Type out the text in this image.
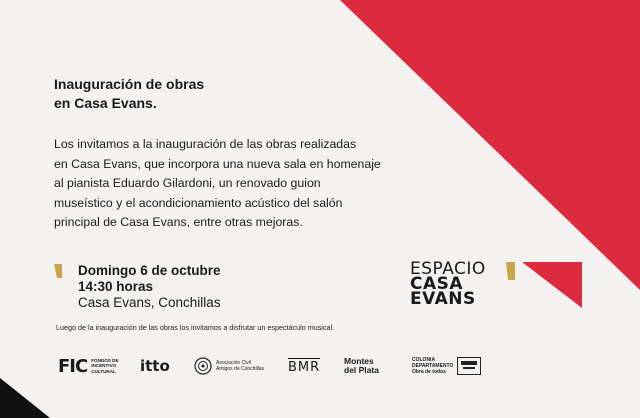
Inauguración de obras
en Casa Evans.
Los invitamos a la inauguración de las obras realizadas
en Casa Evans, que incorpora una nueva sala en homenaje
al pianista Eduardo Gilardoni, un renovado guion
museístico y el acondicionamiento acústico del salón
principal de Casa Evans, entre otras mejoras.
Domingo 6 de octubre
14:30 horas
Casa Evans, Conchillas
Luego de la inauguración de las obras los invitamos a disfrutar un espectáculo musical.
ESPACIO
CASA
EVANS
FIC FONDOS DE
INCENTIVO
CULTURAL itto	Asociación Civil
Amigos de Conchillas BMR	Montes
del Plata
COLONIA
DEPARTAMENTO
Obra de todos
